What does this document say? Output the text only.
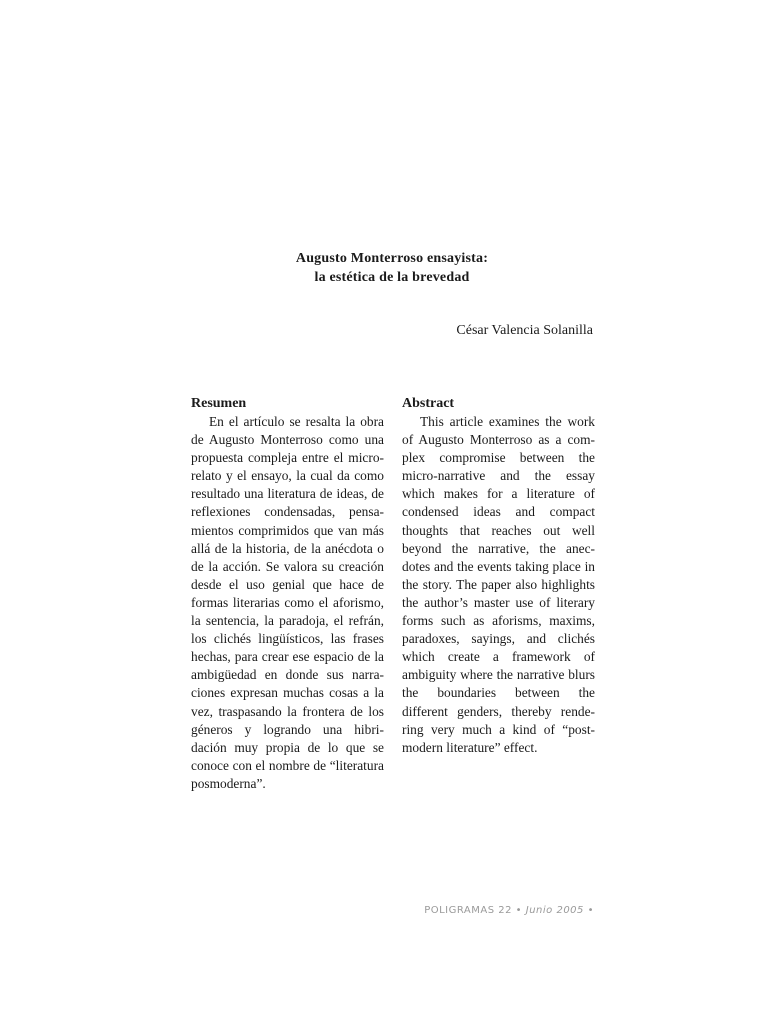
Augusto Monterroso ensayista:
la estética de la brevedad
César Valencia Solanilla
Resumen

En el artículo se resalta la obra de Augusto Monterroso como una propuesta compleja entre el micro-relato y el ensayo, la cual da como resultado una literatura de ideas, de reflexiones condensadas, pensa-mientos comprimidos que van más allá de la historia, de la anécdota o de la acción. Se valora su creación desde el uso genial que hace de formas literarias como el aforismo, la sentencia, la paradoja, el refrán, los clichés lingüísticos, las frases hechas, para crear ese espacio de la ambigüedad en donde sus narra-ciones expresan muchas cosas a la vez, traspasando la frontera de los géneros y logrando una hibri-dación muy propia de lo que se conoce con el nombre de “literatura posmoderna”.

Abstract

This article examines the work of Augusto Monterroso as a com-plex compromise between the micro-narrative and the essay which makes for a literature of condensed ideas and compact thoughts that reaches out well beyond the narrative, the anec-dotes and the events taking place in the story. The paper also highlights the author’s master use of literary forms such as aforisms, maxims, paradoxes, sayings, and clichés which create a framework of ambiguity where the narrative blurs the boundaries between the different genders, thereby rende-ring very much a kind of “post-modern literature” effect.

POLIGRAMAS 22 • Junio 2005 •
